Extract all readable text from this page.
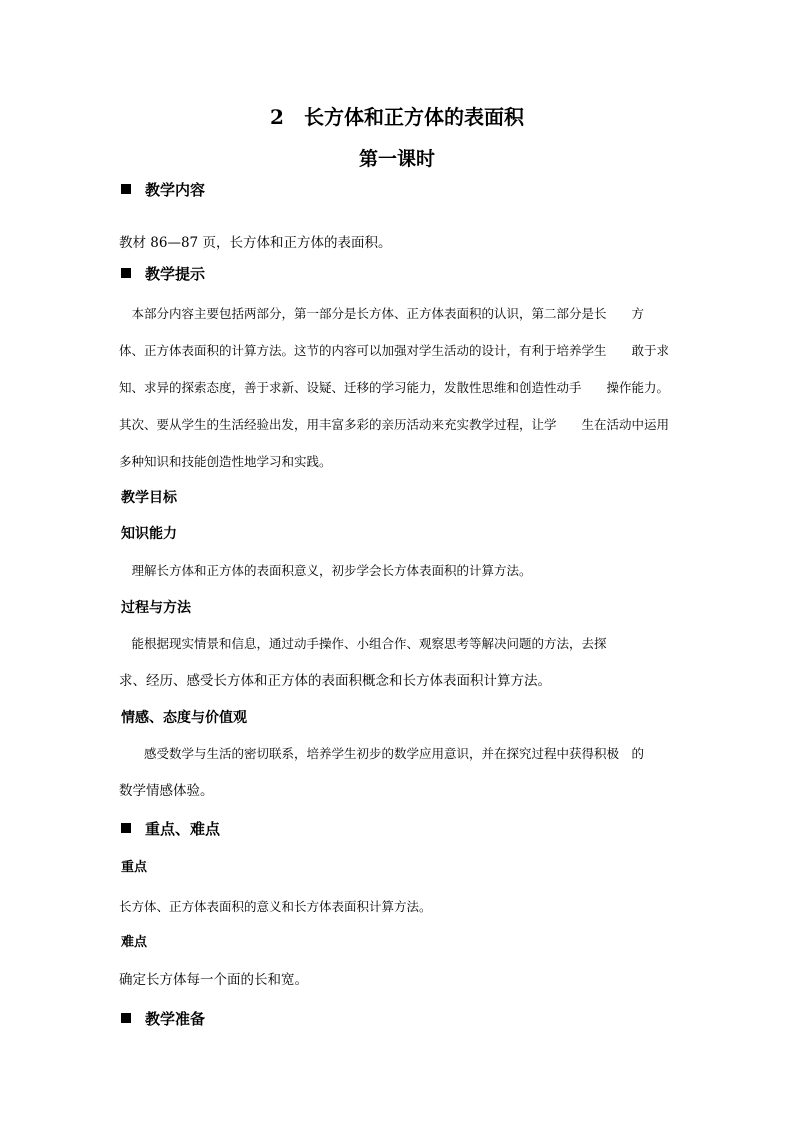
2　长方体和正方体的表面积
第一课时
教学内容

教材 86—87 页，长方体和正方体的表面积。

教学提示

　本部分内容主要包括两部分，第一部分是长方体、正方体表面积的认识，第二部分是长　　方

体、正方体表面积的计算方法。这节的内容可以加强对学生活动的设计，有利于培养学生　　敢于求

知、求异的探索态度，善于求新、设疑、迁移的学习能力，发散性思维和创造性动手　　操作能力。

其次、要从学生的生活经验出发，用丰富多彩的亲历活动来充实教学过程，让学　　生在活动中运用

多种知识和技能创造性地学习和实践。

教学目标
知识能力

　理解长方体和正方体的表面积意义，初步学会长方体表面积的计算方法。

过程与方法

　能根据现实情景和信息，通过动手操作、小组合作、观察思考等解决问题的方法，去探

求、经历、感受长方体和正方体的表面积概念和长方体表面积计算方法。

情感、态度与价值观

　　感受数学与生活的密切联系，培养学生初步的数学应用意识，并在探究过程中获得积极　的

数学情感体验。

重点、难点
重点

长方体、正方体表面积的意义和长方体表面积计算方法。

难点

确定长方体每一个面的长和宽。

教学准备
